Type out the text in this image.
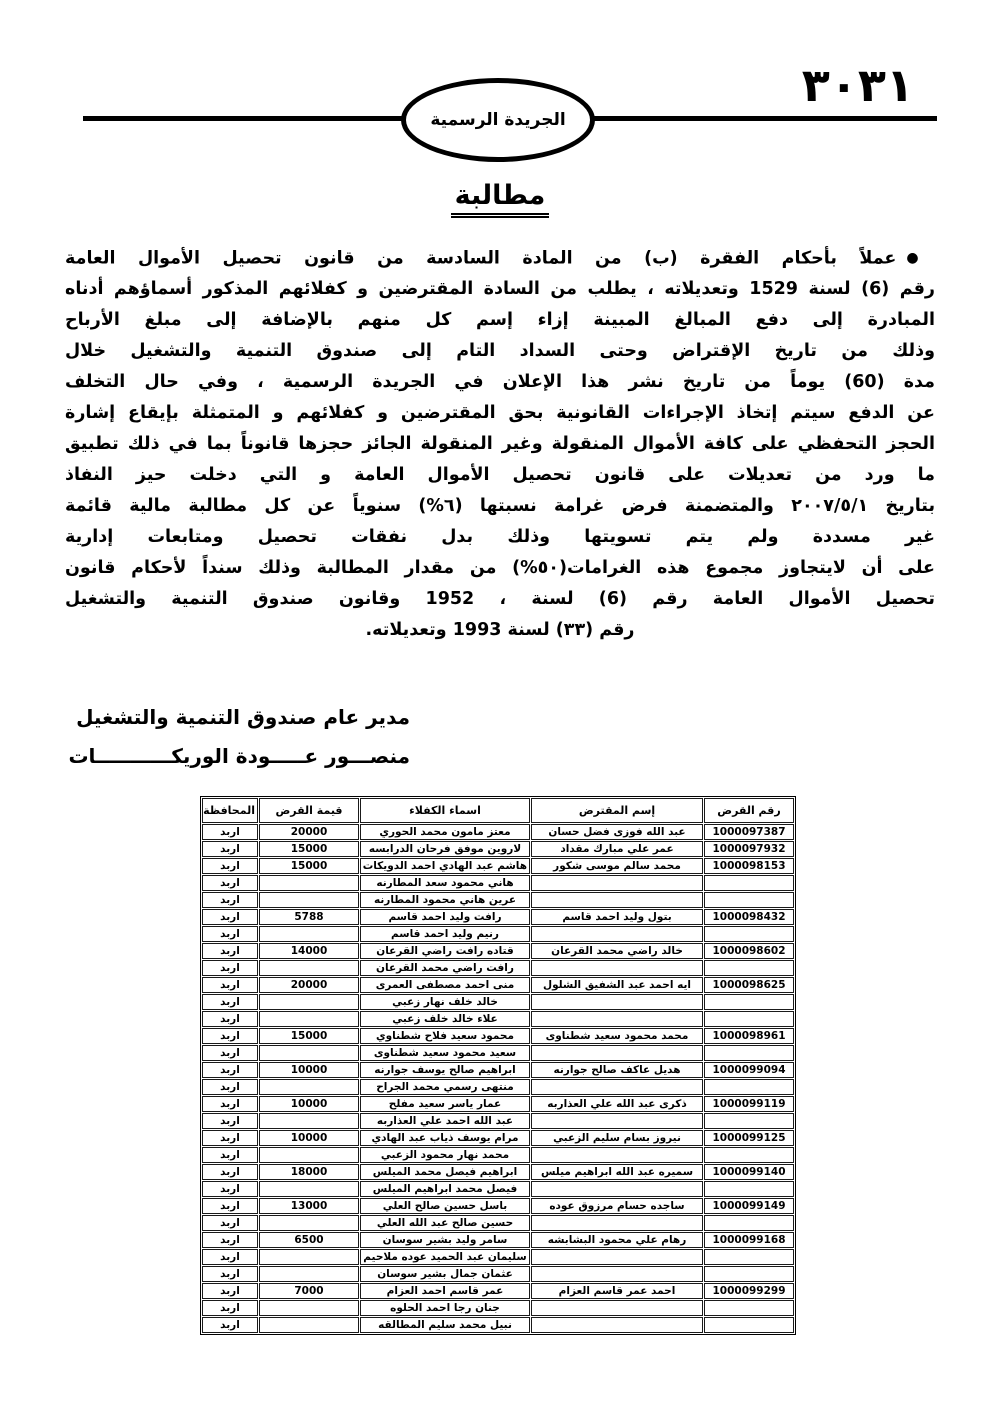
٣٠٣١
الجريدة الرسمية
مطالبة
●عملاً بأحكام الفقرة (ب) من المادة السادسة من قانون تحصيل الأموال العامة
رقم (6) لسنة 1529 وتعديلاته ، يطلب من السادة المقترضين و كفلائهم المذكور أسماؤهم أدناه
المبادرة إلى دفع المبالغ المبينة إزاء إسم كل منهم بالإضافة إلى مبلغ الأرباح
وذلك من تاريخ الإقتراض وحتى السداد التام إلى صندوق التنمية والتشغيل خلال
مدة (60) يوماً من تاريخ نشر هذا الإعلان في الجريدة الرسمية ، وفي حال التخلف
عن الدفع سيتم إتخاذ الإجراءات القانونية بحق المقترضين و كفلائهم و المتمثلة بإيقاع إشارة
الحجز التحفظي على كافة الأموال المنقولة وغير المنقولة الجائز حجزها قانوناً بما في ذلك تطبيق
ما ورد من تعديلات على قانون تحصيل الأموال العامة و التي دخلت حيز النفاذ
بتاريخ ٢٠٠٧/٥/١ والمتضمنة فرض غرامة نسبتها (٦%) سنوياً عن كل مطالبة مالية قائمة
غير مسددة ولم يتم تسويتها وذلك بدل نفقات تحصيل ومتابعات إدارية
على أن لايتجاوز مجموع هذه الغرامات(٥٠%) من مقدار المطالبة وذلك سنداً لأحكام قانون
تحصيل الأموال العامة رقم (6) لسنة ، 1952 وقانون صندوق التنمية والتشغيل
رقم (٣٣) لسنة 1993 وتعديلاته.
مدير عام صندوق التنمية والتشغيل
منصـــور عـــــودة الوريكـــــــــــات
رقم القرض	إسم المقترض	اسماء الكفلاء	قيمة القرض	المحافظة
1000097387	عبد الله فوزى فضل حسان	معتز مامون محمد الحوري	20000	اربد
1000097932	عمر علي مبارك مقداد	لاروين موفق فرحان الدرابسه	15000	اربد
1000098153	محمد سالم موسى شكور	هاشم عبد الهادي احمد الدويكات	15000	اربد
		هاني محمود سعد المطارنه		اربد
		عرين هاني محمود المطارنه		اربد
1000098432	بتول وليد احمد قاسم	رافت وليد احمد قاسم	5788	اربد
		رنيم وليد احمد قاسم		اربد
1000098602	خالد راضي محمد القرعان	قتاده رافت راضي القرعان	14000	اربد
		رافت راضي محمد القرعان		اربد
1000098625	ايه احمد عبد الشفيق الشلول	منى احمد مصطفى العمرى	20000	اربد
		خالد خلف نهار زعبي		اربد
		علاء خالد خلف زعبي		اربد
1000098961	محمد محمود سعيد شطناوى	محمود سعيد فلاح شطناوي	15000	اربد
		سعيد محمود سعيد شطناوى		اربد
1000099094	هديل عاكف صالح جوارنه	ابراهيم صالح يوسف جوارنه	10000	اربد
		منتهى رسمي محمد الجراح		اربد
1000099119	ذكرى عبد الله علي العذاربه	عمار ياسر سعيد مفلح	10000	اربد
		عبد الله احمد علي العذاربه		اربد
1000099125	نيروز بسام سليم الزعبي	مرام يوسف ذياب عبد الهادي	10000	اربد
		محمد نهار محمود الزعبي		اربد
1000099140	سميره عبد الله ابراهيم ميلس	ابراهيم فيصل محمد الميلس	18000	اربد
		فيصل محمد ابراهيم الميلس		اربد
1000099149	ساجده حسام مرزوق عوده	باسل حسين صالح العلي	13000	اربد
		حسين صالح عبد الله العلي		اربد
1000099168	رهام علي محمود البشابشه	سامر وليد بشير سوسان	6500	اربد
		سليمان عبد الحميد عوده ملاحيم		اربد
		عثمان جمال بشير سوسان		اربد
1000099299	احمد عمر قاسم العزام	عمر قاسم احمد العزام	7000	اربد
		جنان رجا احمد الحلوه		اربد
		نبيل محمد سليم المطالقه		اربد
